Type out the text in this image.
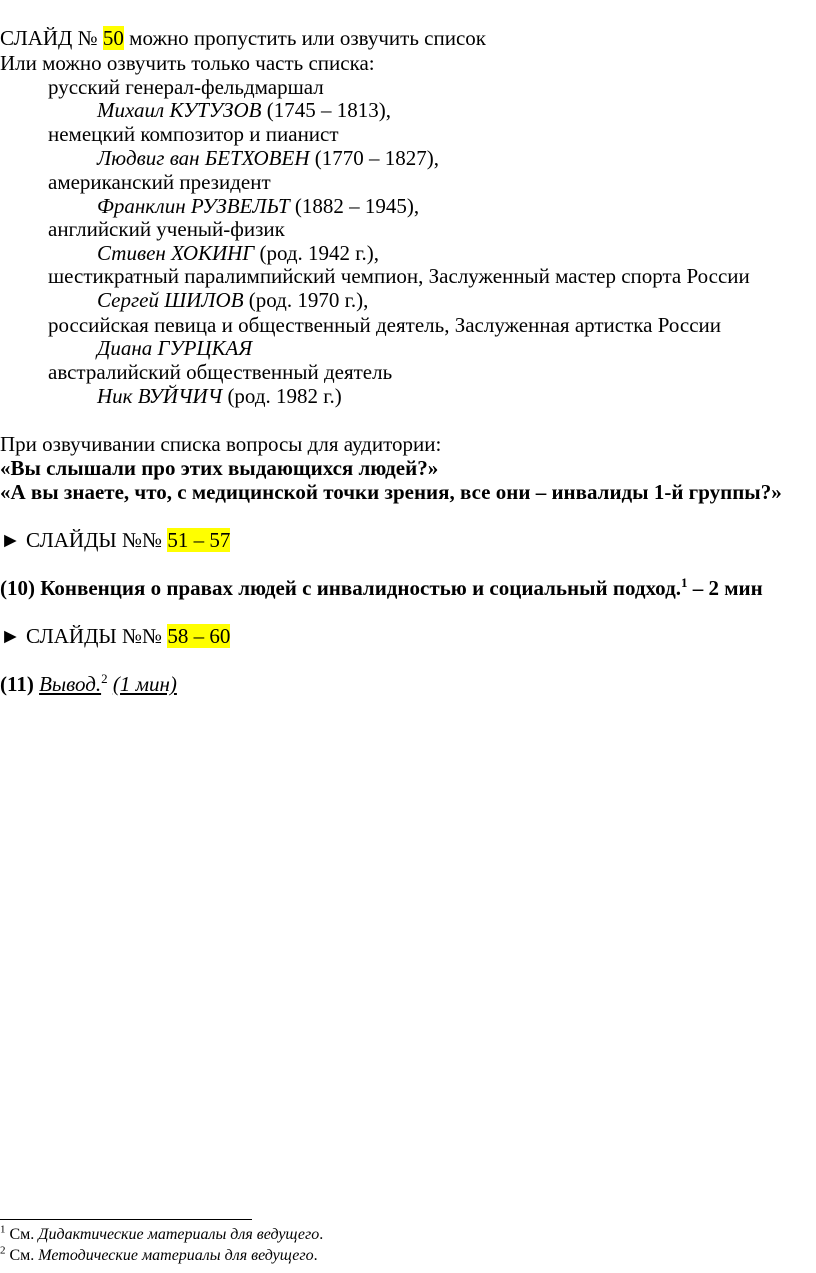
СЛАЙД № 50 можно пропустить или озвучить список
Или можно озвучить только часть списка:
русский генерал-фельдмаршал
Михаил КУТУЗОВ (1745 – 1813),
немецкий композитор и пианист
Людвиг ван БЕТХОВЕН (1770 – 1827),
американский президент
Франклин РУЗВЕЛЬТ (1882 – 1945),
английский ученый-физик
Стивен ХОКИНГ (род. 1942 г.),
шестикратный паралимпийский чемпион, Заслуженный мастер спорта России
Сергей ШИЛОВ (род. 1970 г.),
российская певица и общественный деятель, Заслуженная артистка России
Диана ГУРЦКАЯ
австралийский общественный деятель
Ник ВУЙЧИЧ (род. 1982 г.)
При озвучивании списка вопросы для аудитории:
«Вы слышали про этих выдающихся людей?»
«А вы знаете, что, с медицинской точки зрения, все они – инвалиды 1-й группы?»
► СЛАЙДЫ №№ 51 – 57
(10) Конвенция о правах людей с инвалидностью и социальный подход.$^1$ – 2 мин
► СЛАЙДЫ №№ 58 – 60
(11) Вывод.$^2$ (1 мин)
$^1$ См. Дидактические материалы для ведущего.
$^2$ См. Методические материалы для ведущего.
